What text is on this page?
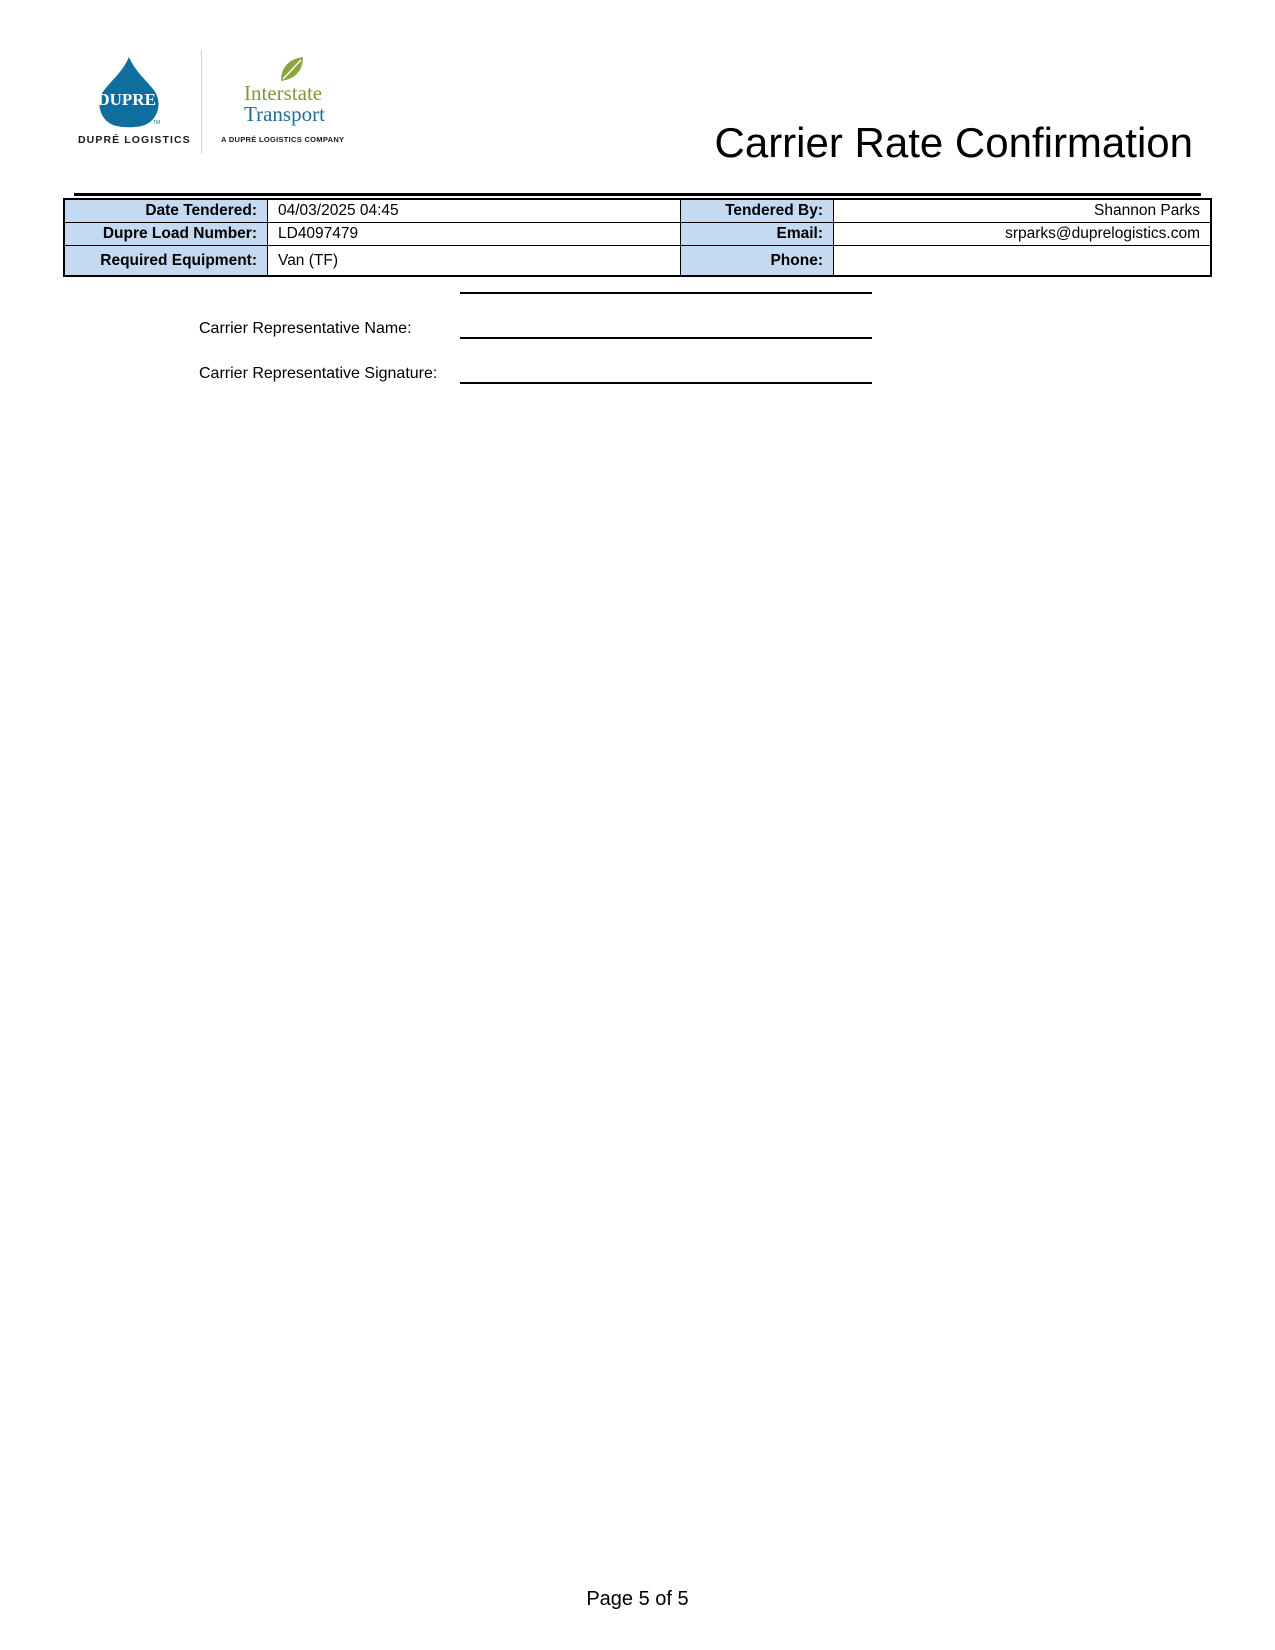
DUPRE'
TM
DUPRÉ LOGISTICS
Interstate
Transport
A DUPRÉ LOGISTICS COMPANY	Carrier Rate Confirmation
Date Tendered:	04/03/2025 04:45	Tendered By:	Shannon Parks
Dupre Load Number:	LD4097479	Email:	srparks@duprelogistics.com
Required Equipment:	Van (TF)	Phone:	
Carrier Representative Name:
Carrier Representative Signature:
Page 5 of 5
